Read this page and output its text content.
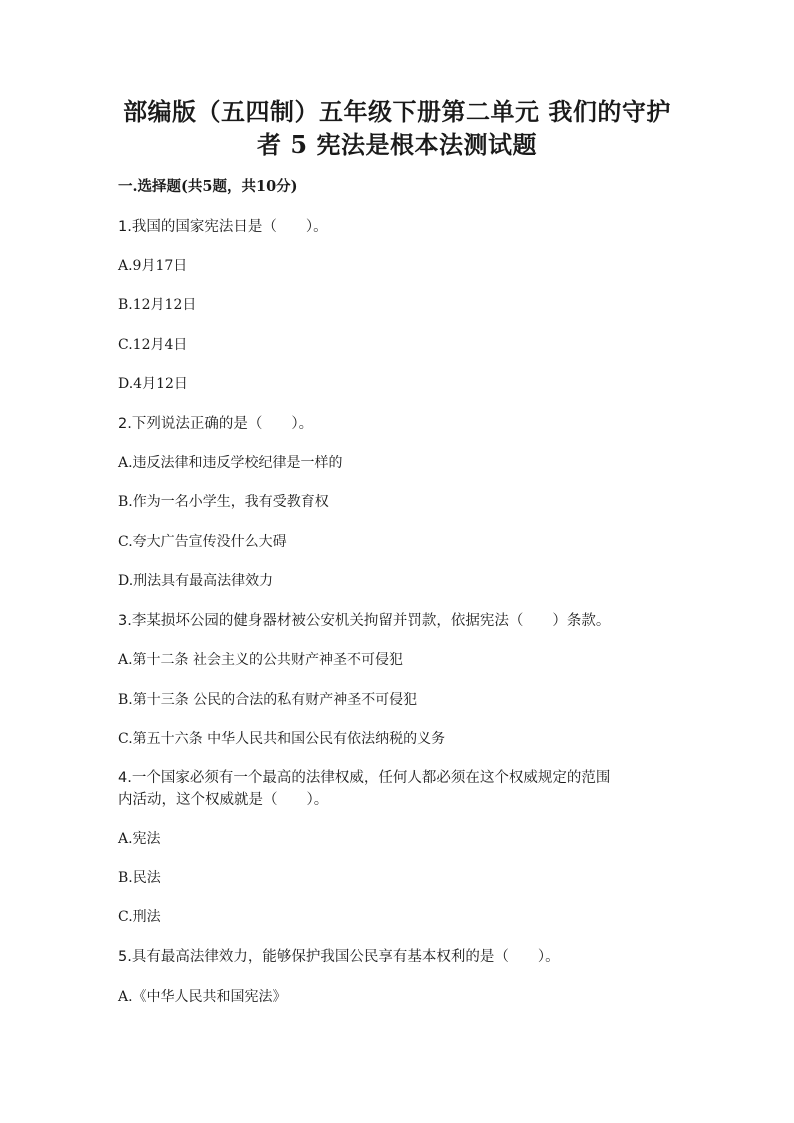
部编版（五四制）五年级下册第二单元 我们的守护
者 5 宪法是根本法测试题
一.选择题(共5题，共10分)
1.我国的国家宪法日是（　　）。
A.9月17日
B.12月12日
C.12月4日
D.4月12日
2.下列说法正确的是（　　）。
A.违反法律和违反学校纪律是一样的
B.作为一名小学生，我有受教育权
C.夸大广告宣传没什么大碍
D.刑法具有最高法律效力
3.李某损坏公园的健身器材被公安机关拘留并罚款，依据宪法（　　）条款。
A.第十二条 社会主义的公共财产神圣不可侵犯
B.第十三条 公民的合法的私有财产神圣不可侵犯
C.第五十六条 中华人民共和国公民有依法纳税的义务
4.一个国家必须有一个最高的法律权威，任何人都必须在这个权威规定的范围
内活动，这个权威就是（　　）。
A.宪法
B.民法
C.刑法
5.具有最高法律效力，能够保护我国公民享有基本权利的是（　　）。
A.《中华人民共和国宪法》
